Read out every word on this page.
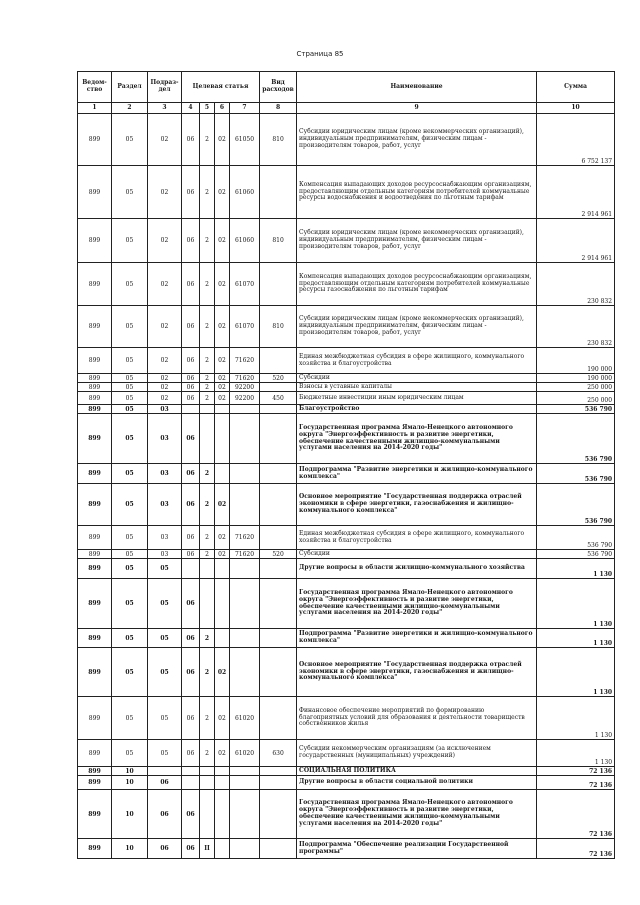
Страница 85
Ведом-ство	Раздел	Подраз-дел	Целевая статья				Вид расходов	Наименование	Сумма
1	2	3	4	5	6	7	8	9	10
899	05	02	06	2	02	61050	810	Субсидии юридическим лицам (кроме некоммерческих организаций), индивидуальным предпринимателям, физическим лицам - производителям товаров, работ, услуг	6 752 137
899	05	02	06	2	02	61060		Компенсация выпадающих доходов ресурсоснабжающим организациям, предоставляющим отдельным категориям потребителей коммунальные ресурсы водоснабжения и водоотведения по льготным тарифам	2 914 961
899	05	02	06	2	02	61060	810	Субсидии юридическим лицам (кроме некоммерческих организаций), индивидуальным предпринимателям, физическим лицам - производителям товаров, работ, услуг	2 914 961
899	05	02	06	2	02	61070		Компенсация выпадающих доходов ресурсоснабжающим организациям, предоставляющим отдельным категориям потребителей коммунальные ресурсы газоснабжения по льготным тарифам	230 832
899	05	02	06	2	02	61070	810	Субсидии юридическим лицам (кроме некоммерческих организаций), индивидуальным предпринимателям, физическим лицам - производителям товаров, работ, услуг	230 832
899	05	02	06	2	02	71620		Единая межбюджетная субсидия в сфере жилищного, коммунального хозяйства и благоустройства	190 000
899	05	02	06	2	02	71620	520	Субсидии	190 000
899	05	02	06	2	02	92200		Взносы в уставные капиталы	250 000
899	05	02	06	2	02	92200	450	Бюджетные инвестиции иным юридическим лицам	250 000
899	05	03						Благоустройство	536 790
899	05	03	06					Государственная программа Ямало-Ненецкого автономного округа "Энергоэффективность и развитие энергетики, обеспечение качественными жилищно-коммунальными услугами населения на 2014-2020 годы"	536 790
899	05	03	06	2				Подпрограмма "Развитие энергетики и жилищно-коммунального комплекса"	536 790
899	05	03	06	2	02			Основное мероприятие "Государственная поддержка отраслей экономики в сфере энергетики, газоснабжения и жилищно-коммунального комплекса"	536 790
899	05	03	06	2	02	71620		Единая межбюджетная субсидия в сфере жилищного, коммунального хозяйства и благоустройства	536 790
899	05	03	06	2	02	71620	520	Субсидии	536 790
899	05	05						Другие вопросы в области жилищно-коммунального хозяйства	1 130
899	05	05	06					Государственная программа Ямало-Ненецкого автономного округа "Энергоэффективность и развитие энергетики, обеспечение качественными жилищно-коммунальными услугами населения на 2014-2020 годы"	1 130
899	05	05	06	2				Подпрограмма "Развитие энергетики и жилищно-коммунального комплекса"	1 130
899	05	05	06	2	02			Основное мероприятие "Государственная поддержка отраслей экономики в сфере энергетики, газоснабжения и жилищно-коммунального комплекса"	1 130
899	05	05	06	2	02	61020		Финансовое обеспечение мероприятий по формированию благоприятных условий для образования и деятельности товариществ собственников жилья	1 130
899	05	05	06	2	02	61020	630	Субсидии некоммерческим организациям (за исключением государственных (муниципальных) учреждений)	1 130
899	10							СОЦИАЛЬНАЯ ПОЛИТИКА	72 136
899	10	06						Другие вопросы в области социальной политики	72 136
899	10	06	06					Государственная программа Ямало-Ненецкого автономного округа "Энергоэффективность и развитие энергетики, обеспечение качественными жилищно-коммунальными услугами населения на 2014-2020 годы"	72 136
899	10	06	06	II				Подпрограмма "Обеспечение реализации Государственной программы"	72 136
